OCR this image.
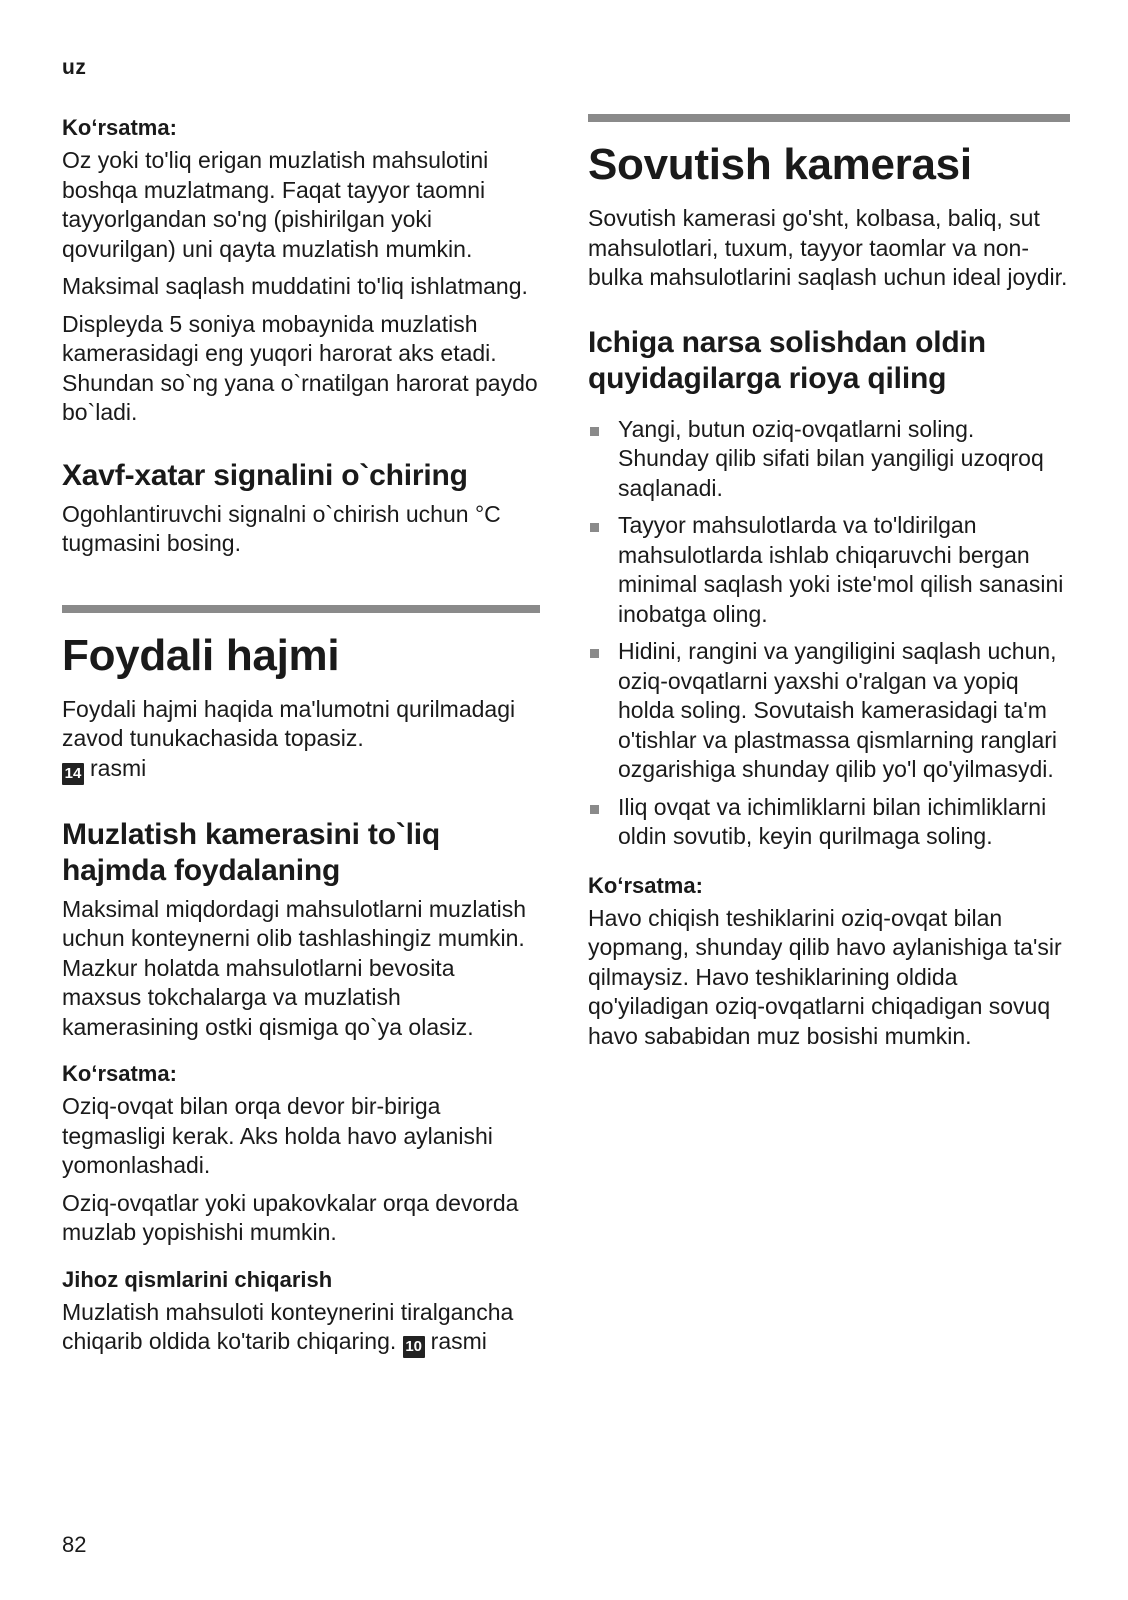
uz

Ko‘rsatma:

Oz yoki to'liq erigan muzlatish mahsulotini boshqa muzlatmang. Faqat tayyor taomni tayyorlgandan so'ng (pishirilgan yoki qovurilgan) uni qayta muzlatish mumkin.

Maksimal saqlash muddatini to'liq ishlatmang.

Displeyda 5 soniya mobaynida muzlatish kamerasidagi eng yuqori harorat aks etadi. Shundan so`ng yana o`rnatilgan harorat paydo bo`ladi.

Xavf-xatar signalini o`chiring

Ogohlantiruvchi signalni o`chirish uchun °C tugmasini bosing.

Foydali hajmi

Foydali hajmi haqida ma'lumotni qurilmadagi zavod tunukachasida topasiz.

14 rasmi

Muzlatish kamerasini to`liq hajmda foydalaning

Maksimal miqdordagi mahsulotlarni muzlatish uchun konteynerni olib tashlashingiz mumkin. Mazkur holatda mahsulotlarni bevosita maxsus tokchalarga va muzlatish kamerasining ostki qismiga qo`ya olasiz.

Ko‘rsatma:

Oziq-ovqat bilan orqa devor bir-biriga tegmasligi kerak. Aks holda havo aylanishi yomonlashadi.

Oziq-ovqatlar yoki upakovkalar orqa devorda muzlab yopishishi mumkin.

Jihoz qismlarini chiqarish

Muzlatish mahsuloti konteynerini tiralgancha chiqarib oldida ko'tarib chiqaring. 10 rasmi

Sovutish kamerasi

Sovutish kamerasi go'sht, kolbasa, baliq, sut mahsulotlari, tuxum, tayyor taomlar va non-bulka mahsulotlarini saqlash uchun ideal joydir.

Ichiga narsa solishdan oldin quyidagilarga rioya qiling
Yangi, butun oziq-ovqatlarni soling. Shunday qilib sifati bilan yangiligi uzoqroq saqlanadi.
Tayyor mahsulotlarda va to'ldirilgan mahsulotlarda ishlab chiqaruvchi bergan minimal saqlash yoki iste'mol qilish sanasini inobatga oling.
Hidini, rangini va yangiligini saqlash uchun, oziq-ovqatlarni yaxshi o'ralgan va yopiq holda soling. Sovutaish kamerasidagi ta'm o'tishlar va plastmassa qismlarning ranglari ozgarishiga shunday qilib yo'l qo'yilmasydi.
Iliq ovqat va ichimliklarni bilan ichimliklarni oldin sovutib, keyin qurilmaga soling.

Ko‘rsatma:

Havo chiqish teshiklarini oziq-ovqat bilan yopmang, shunday qilib havo aylanishiga ta'sir qilmaysiz. Havo teshiklarining oldida qo'yiladigan oziq-ovqatlarni chiqadigan sovuq havo sababidan muz bosishi mumkin.

82
